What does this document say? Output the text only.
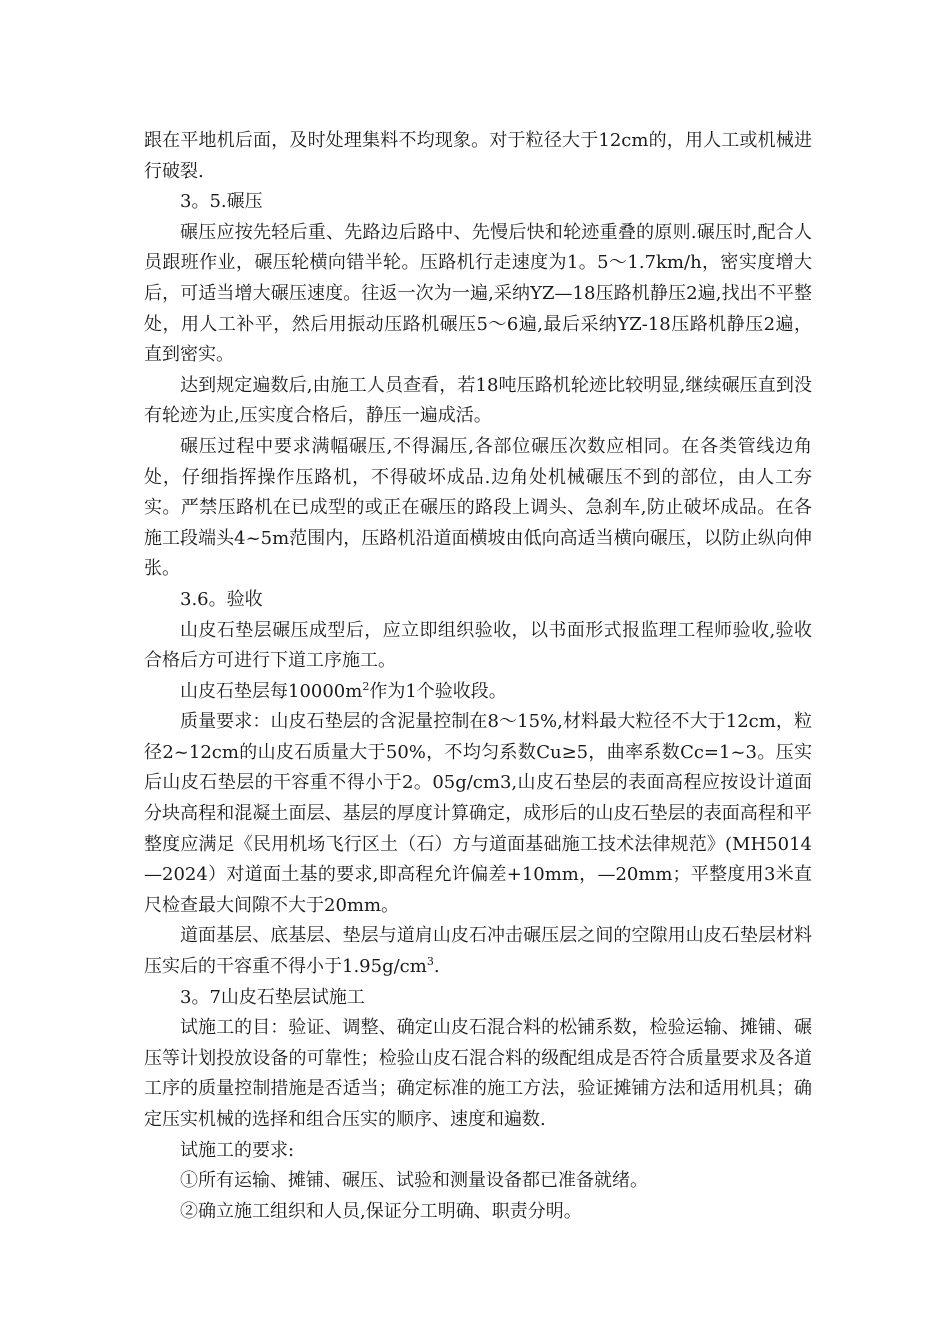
跟在平地机后面，及时处理集料不均现象。对于粒径大于12cm的，用人工或机械进行破裂.

3。5.碾压

碾压应按先轻后重、先路边后路中、先慢后快和轮迹重叠的原则.碾压时,配合人员跟班作业，碾压轮横向错半轮。压路机行走速度为1。5～1.7km/h，密实度增大后，可适当增大碾压速度。往返一次为一遍,采纳YZ—18压路机静压2遍,找出不平整处，用人工补平，然后用振动压路机碾压5～6遍,最后采纳YZ-18压路机静压2遍，直到密实。

达到规定遍数后,由施工人员查看，若18吨压路机轮迹比较明显,继续碾压直到没有轮迹为止,压实度合格后，静压一遍成活。

碾压过程中要求满幅碾压,不得漏压,各部位碾压次数应相同。在各类管线边角处，仔细指挥操作压路机，不得破坏成品.边角处机械碾压不到的部位，由人工夯实。严禁压路机在已成型的或正在碾压的路段上调头、急刹车,防止破坏成品。在各施工段端头4~5m范围内，压路机沿道面横坡由低向高适当横向碾压，以防止纵向伸张。

3.6。验收

山皮石垫层碾压成型后，应立即组织验收，以书面形式报监理工程师验收,验收合格后方可进行下道工序施工。

山皮石垫层每$10000m^2$作为1个验收段。

质量要求：山皮石垫层的含泥量控制在8～15%,材料最大粒径不大于12cm，粒径2~12cm的山皮石质量大于50%，不均匀系数Cu≥5，曲率系数Cc=1~3。压实后山皮石垫层的干容重不得小于2。05g/cm3,山皮石垫层的表面高程应按设计道面分块高程和混凝土面层、基层的厚度计算确定，成形后的山皮石垫层的表面高程和平整度应满足《民用机场飞行区土（石）方与道面基础施工技术法律规范》(MH5014—2024）对道面土基的要求,即高程允许偏差+10mm，—20mm；平整度用3米直尺检查最大间隙不大于20mm。

道面基层、底基层、垫层与道肩山皮石冲击碾压层之间的空隙用山皮石垫层材料压实后的干容重不得小于$1.95g/cm^3$.

3。7山皮石垫层试施工

试施工的目：验证、调整、确定山皮石混合料的松铺系数，检验运输、摊铺、碾压等计划投放设备的可靠性；检验山皮石混合料的级配组成是否符合质量要求及各道工序的质量控制措施是否适当；确定标准的施工方法，验证摊铺方法和适用机具；确定压实机械的选择和组合压实的顺序、速度和遍数.

试施工的要求:

①所有运输、摊铺、碾压、试验和测量设备都已准备就绪。

②确立施工组织和人员,保证分工明确、职责分明。
